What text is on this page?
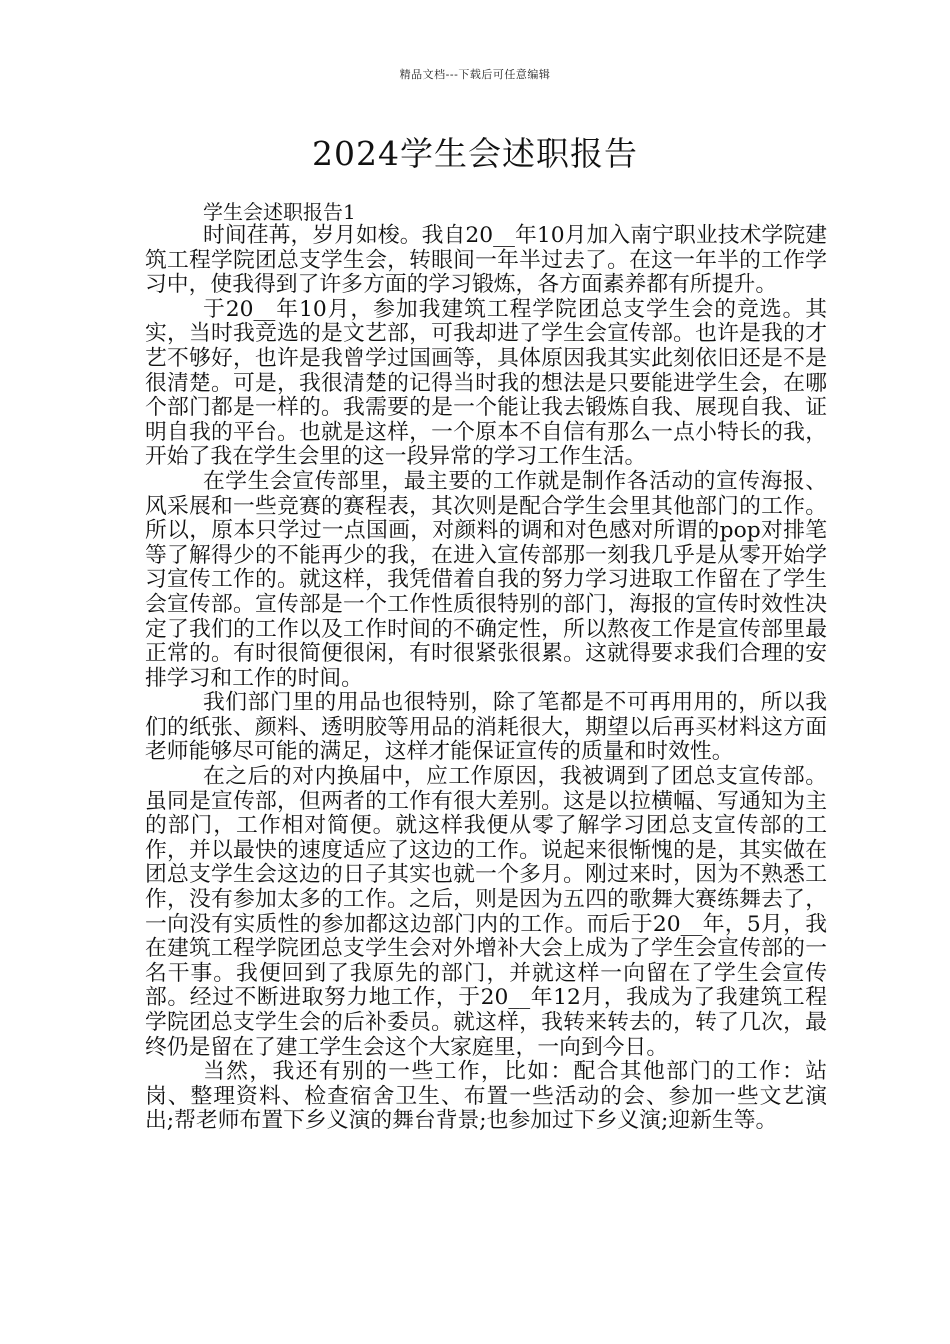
精品文档---下载后可任意编辑
2024学生会述职报告
学生会述职报告1

时间荏苒，岁月如梭。我自20__年10月加入南宁职业技术学院建筑工程学院团总支学生会，转眼间一年半过去了。在这一年半的工作学习中，使我得到了许多方面的学习锻炼，各方面素养都有所提升。

于20__年10月，参加我建筑工程学院团总支学生会的竞选。其实，当时我竞选的是文艺部，可我却进了学生会宣传部。也许是我的才艺不够好，也许是我曾学过国画等，具体原因我其实此刻依旧还是不是很清楚。可是，我很清楚的记得当时我的想法是只要能进学生会，在哪个部门都是一样的。我需要的是一个能让我去锻炼自我、展现自我、证明自我的平台。也就是这样，一个原本不自信有那么一点小特长的我，开始了我在学生会里的这一段异常的学习工作生活。

在学生会宣传部里，最主要的工作就是制作各活动的宣传海报、风采展和一些竞赛的赛程表，其次则是配合学生会里其他部门的工作。所以，原本只学过一点国画，对颜料的调和对色感对所谓的pop对排笔等了解得少的不能再少的我，在进入宣传部那一刻我几乎是从零开始学习宣传工作的。就这样，我凭借着自我的努力学习进取工作留在了学生会宣传部。宣传部是一个工作性质很特别的部门，海报的宣传时效性决定了我们的工作以及工作时间的不确定性，所以熬夜工作是宣传部里最正常的。有时很简便很闲，有时很紧张很累。这就得要求我们合理的安排学习和工作的时间。

我们部门里的用品也很特别，除了笔都是不可再用用的，所以我们的纸张、颜料、透明胶等用品的消耗很大，期望以后再买材料这方面老师能够尽可能的满足，这样才能保证宣传的质量和时效性。

在之后的对内换届中，应工作原因，我被调到了团总支宣传部。虽同是宣传部，但两者的工作有很大差别。这是以拉横幅、写通知为主的部门，工作相对简便。就这样我便从零了解学习团总支宣传部的工作，并以最快的速度适应了这边的工作。说起来很惭愧的是，其实做在团总支学生会这边的日子其实也就一个多月。刚过来时，因为不熟悉工作，没有参加太多的工作。之后，则是因为五四的歌舞大赛练舞去了，一向没有实质性的参加都这边部门内的工作。而后于20__年，5月，我在建筑工程学院团总支学生会对外增补大会上成为了学生会宣传部的一名干事。我便回到了我原先的部门，并就这样一向留在了学生会宣传部。经过不断进取努力地工作，于20__年12月，我成为了我建筑工程学院团总支学生会的后补委员。就这样，我转来转去的，转了几次，最终仍是留在了建工学生会这个大家庭里，一向到今日。

当然，我还有别的一些工作，比如：配合其他部门的工作：站岗、整理资料、检查宿舍卫生、布置一些活动的会、参加一些文艺演出;帮老师布置下乡义演的舞台背景;也参加过下乡义演;迎新生等。
